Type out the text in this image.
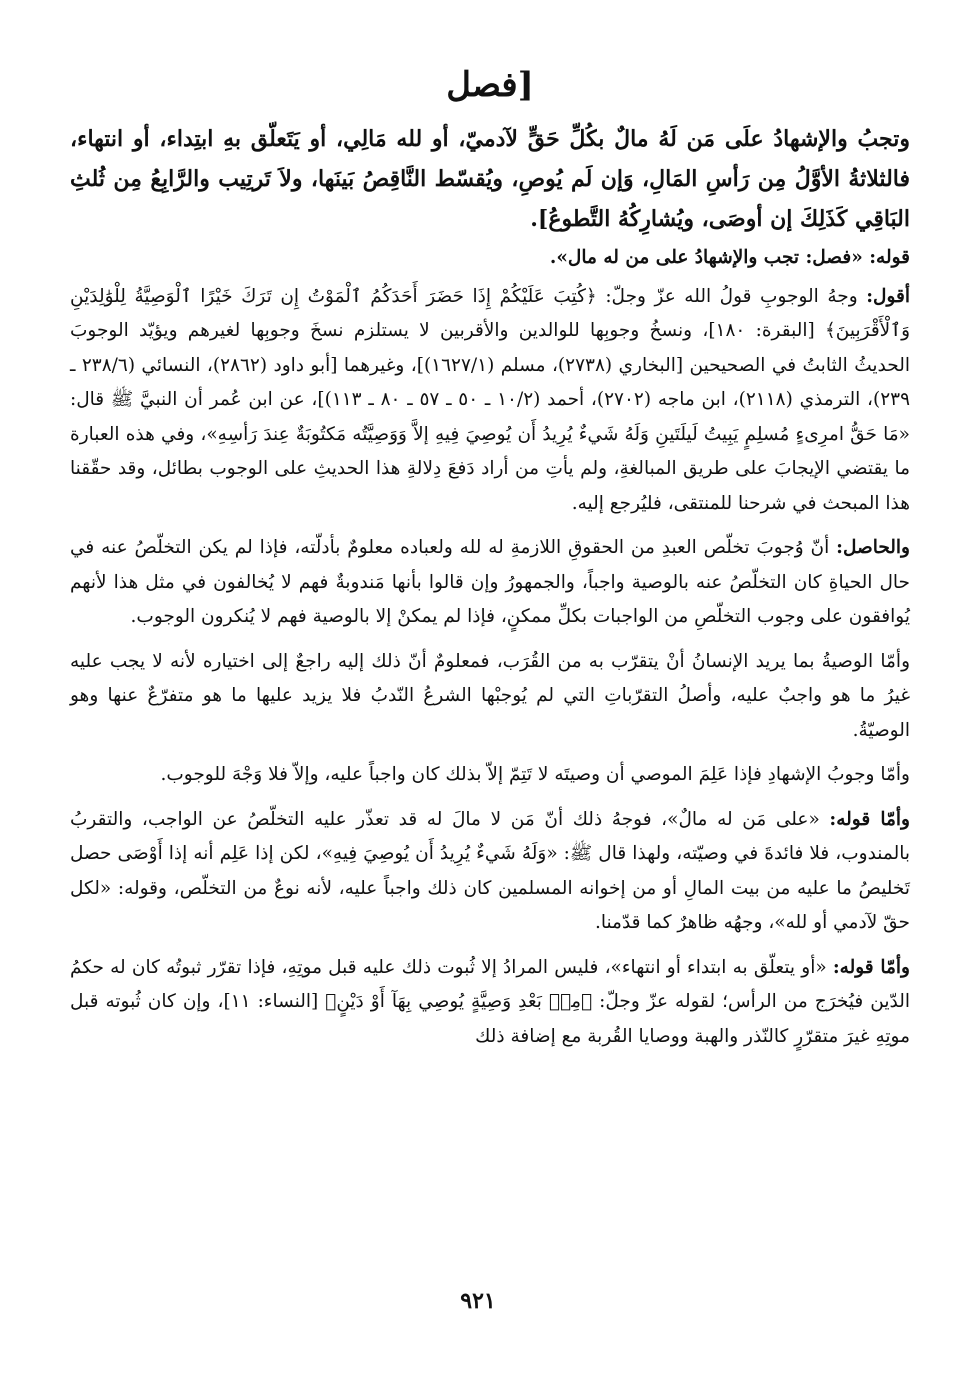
[فصل

وتجبُ والإشهادُ علَى مَن لَهُ مالٌ بكُلِّ حَقٍّ لآدميّ، أو لله مَالِي، أو يَتَعلّق بهِ ابتِداء، أو انتهاء، فالثلاثةُ الأوَّلُ مِن رَأسِ المَالِ، وَإن لَم يُوصِ، ويُقسّط النَّاقِصُ بَينَها، ولاَ تَرتِيب والرَّابِعُ مِن ثُلثِ البَاقِي كَذَلِكَ إن أوصَى، ويُشارِكُهُ التَّطوعُ].

قوله: «فصل: تجب والإشهادُ على من له مال».

أقول: وجهُ الوجوبِ قولُ الله عزّ وجلّ: ﴿كُتِبَ عَلَيْكُمْ إِذَا حَضَرَ أَحَدَكُمُ ٱلْمَوْتُ إِن تَرَكَ خَيْرًا ٱلْوَصِيَّةُ لِلْوَٰلِدَيْنِ وَٱلْأَقْرَبِينَ﴾ [البقرة: ١٨٠]، ونسخُ وجوبِها للوالدين والأقربين لا يستلزم نسخَ وجوبِها لغيرهم ويؤيّد الوجوبَ الحديثُ الثابتُ في الصحيحين [البخاري (٢٧٣٨)، مسلم (١٦٢٧/١)]، وغيرهما [أبو داود (٢٨٦٢)، النسائي (٢٣٨/٦ ـ ٢٣٩)، الترمذي (٢١١٨)، ابن ماجه (٢٧٠٢)، أحمد (١٠/٢ ـ ٥٠ ـ ٥٧ ـ ٨٠ ـ ١١٣)]، عن ابن عُمر أن النبيَّ ﷺ قال: «مَا حَقُّ امرِىءٍ مُسلِمٍ يَبِيتُ لَيلَتَينِ وَلَهُ شَيءٌ يُرِيدُ أَن يُوصِيَ فِيهِ إلاَّ وَوَصِيَّتُه مَكتُوبَةٌ عِندَ رَأسِهِ»، وفي هذه العبارة ما يقتضي الإيجابَ على طريق المبالغةِ، ولم يأتِ من أراد دَفعَ دِلالةِ هذا الحديثِ على الوجوب بطائل، وقد حقّقنا هذا المبحث في شرحنا للمنتقى، فليُرجع إليه.

والحاصل: أنّ وُجوبَ تخلّص العبدِ من الحقوقِ اللازمةِ له لله ولعباده معلومٌ بأدلّته، فإذا لم يكن التخلّصُ عنه في حال الحياةِ كان التخلّصُ عنه بالوصية واجباً، والجمهورُ وإن قالوا بأنها مَندوبةٌ فهم لا يُخالفون في مثل هذا لأنهم يُوافقون على وجوب التخلّصِ من الواجبات بكلِّ ممكنٍ، فإذا لم يمكنْ إلا بالوصية فهم لا يُنكرون الوجوب.

وأمّا الوصيةُ بما يريد الإنسانُ أنْ يتقرّب به من القُرَب، فمعلومٌ أنّ ذلك إليه راجعٌ إلى اختياره لأنه لا يجب عليه غيرُ ما هو واجبٌ عليه، وأصلُ التقرّباتِ التي لم يُوجبْها الشرعُ النّدبُ فلا يزيد عليها ما هو متفرّعٌ عنها وهو الوصيّةُ.

وأمّا وجوبُ الإشهادِ فإذا عَلِمَ الموصي أن وصيتَه لا تَتِمّ إلاّ بذلك كان واجباً عليه، وإلاّ فلا وَجْهَ للوجوب.

وأمّا قوله: «على مَن له مالٌ»، فوجهُ ذلك أنّ مَن لا مالَ له قد تعذّر عليه التخلّصُ عن الواجب، والتقربُ بالمندوب، فلا فائدةَ في وصيّته، ولهذا قال ﷺ: «وَلَهُ شَيءٌ يُرِيدُ أَن يُوصِيَ فِيهِ»، لكن إذا عَلِم أنه إذا أَوْصَى حصل تَخليصُ ما عليه من بيت المالِ أو من إخوانه المسلمين كان ذلك واجباً عليه، لأنه نوعٌ من التخلّص، وقوله: «لكل حقّ لآدمي أو لله»، وجهُه ظاهرٌ كما قدّمنا.

وأمّا قوله: «أو يتعلّق به ابتداء أو انتهاء»، فليس المرادُ إلا ثُبوت ذلك عليه قبل موتِهِ، فإذا تقرّر ثبوتُه كان له حكمُ الدّين فيُخرَج من الرأس؛ لقوله عزّ وجلّ: ﴿مِنۢ بَعْدِ وَصِيَّةٍ يُوصِي بِهَآ أَوْ دَيْنٍ﴾ [النساء: ١١]، وإن كان ثُبوته قبل موتِهِ غيرَ متقرّرٍ كالنّذر والهبة ووصايا القُربة مع إضافة ذلك

٩٢١
